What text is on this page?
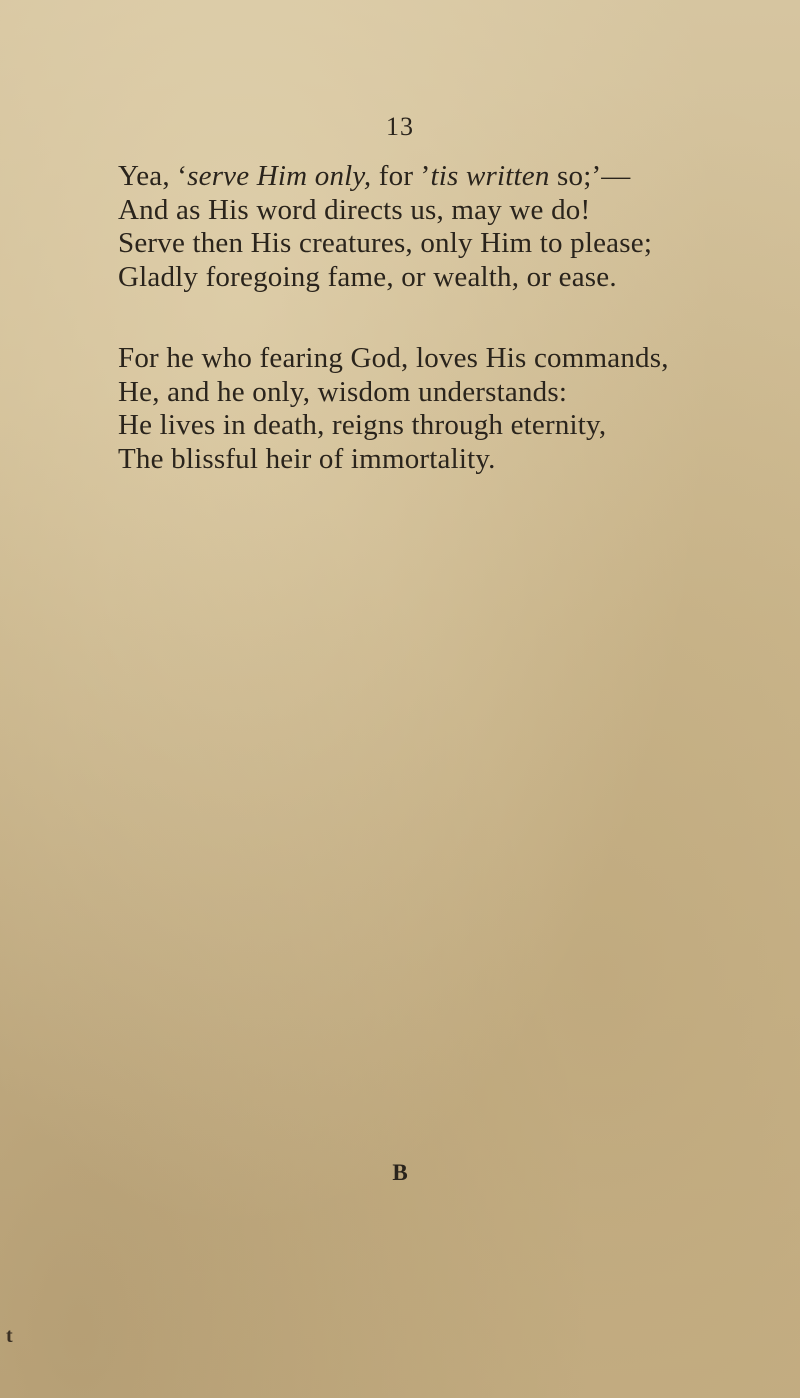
13
Yea, ‘serve Him only, for ’tis written so;’—
And as His word directs us, may we do!
Serve then His creatures, only Him to please;
Gladly foregoing fame, or wealth, or ease.
For he who fearing God, loves His commands,
He, and he only, wisdom understands:
He lives in death, reigns through eternity,
The blissful heir of immortality.
B
t
